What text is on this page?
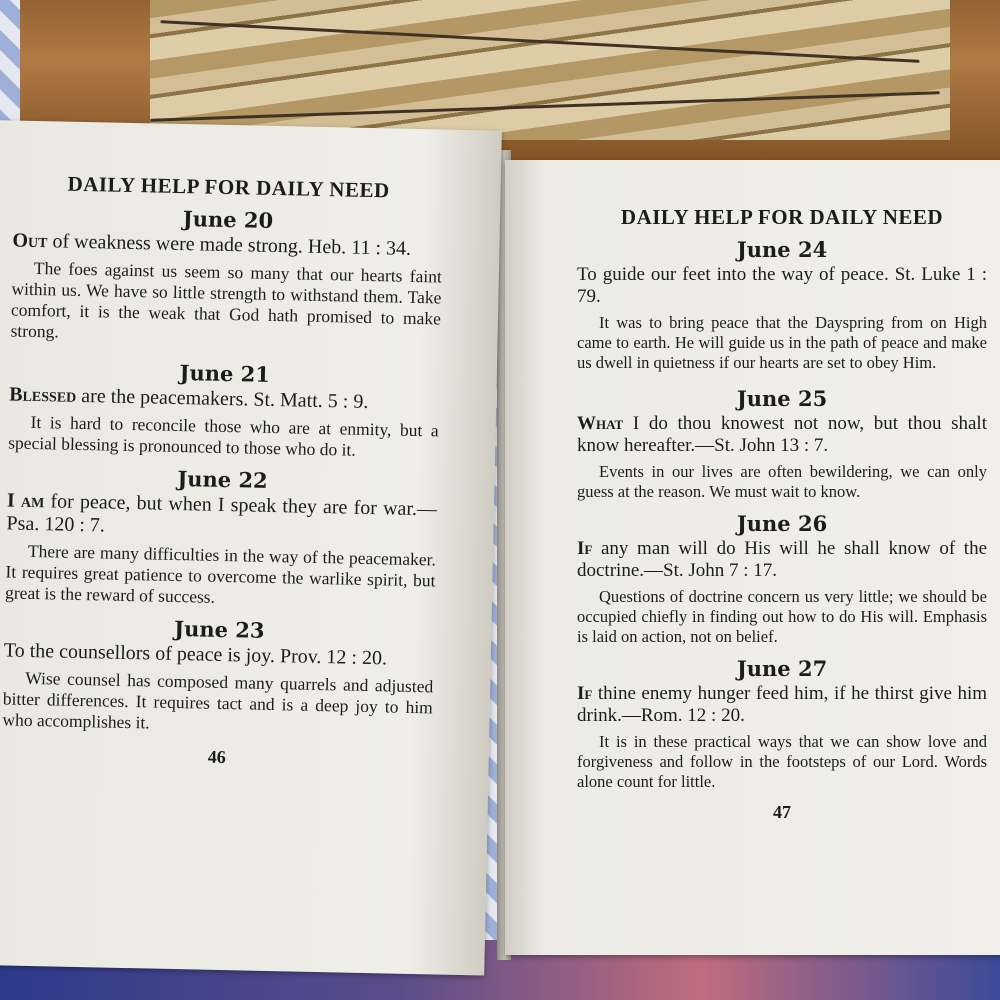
DAILY HELP FOR DAILY NEED

June 20

Out of weakness were made strong. Heb. 11 : 34.

The foes against us seem so many that our hearts faint within us. We have so little strength to withstand them. Take comfort, it is the weak that God hath promised to make strong.

June 21

Blessed are the peacemakers. St. Matt. 5 : 9.

It is hard to reconcile those who are at enmity, but a special blessing is pronounced to those who do it.

June 22

I am for peace, but when I speak they are for war.—Psa. 120 : 7.

There are many difficulties in the way of the peacemaker. It requires great patience to overcome the warlike spirit, but great is the reward of success.

June 23

To the counsellors of peace is joy. Prov. 12 : 20.

Wise counsel has composed many quarrels and adjusted bitter differences. It requires tact and is a deep joy to him who accomplishes it.

46

DAILY HELP FOR DAILY NEED

June 24

To guide our feet into the way of peace. St. Luke 1 : 79.

It was to bring peace that the Dayspring from on High came to earth. He will guide us in the path of peace and make us dwell in quietness if our hearts are set to obey Him.

June 25

What I do thou knowest not now, but thou shalt know hereafter.—St. John 13 : 7.

Events in our lives are often bewildering, we can only guess at the reason. We must wait to know.

June 26

If any man will do His will he shall know of the doctrine.—St. John 7 : 17.

Questions of doctrine concern us very little; we should be occupied chiefly in finding out how to do His will. Emphasis is laid on action, not on belief.

June 27

If thine enemy hunger feed him, if he thirst give him drink.—Rom. 12 : 20.

It is in these practical ways that we can show love and forgiveness and follow in the footsteps of our Lord. Words alone count for little.

47
